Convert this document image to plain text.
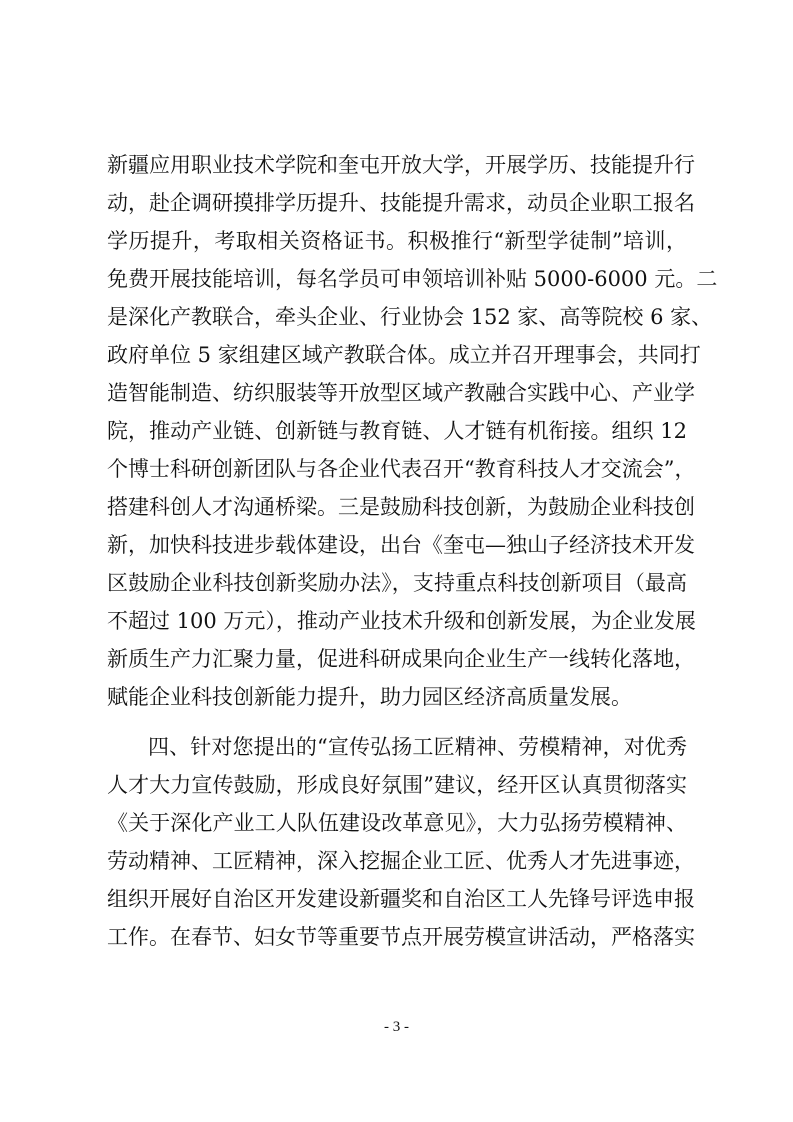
新疆应用职业技术学院和奎屯开放大学，开展学历、技能提升行
动，赴企调研摸排学历提升、技能提升需求，动员企业职工报名
学历提升，考取相关资格证书。积极推行“新型学徒制”培训，
免费开展技能培训，每名学员可申领培训补贴 5000-6000 元。二
是深化产教联合，牵头企业、行业协会 152 家、高等院校 6 家、
政府单位 5 家组建区域产教联合体。成立并召开理事会，共同打
造智能制造、纺织服装等开放型区域产教融合实践中心、产业学
院，推动产业链、创新链与教育链、人才链有机衔接。组织 12
个博士科研创新团队与各企业代表召开“教育科技人才交流会”，
搭建科创人才沟通桥梁。三是鼓励科技创新，为鼓励企业科技创
新，加快科技进步载体建设，出台《奎屯—独山子经济技术开发
区鼓励企业科技创新奖励办法》，支持重点科技创新项目（最高
不超过 100 万元），推动产业技术升级和创新发展，为企业发展
新质生产力汇聚力量，促进科研成果向企业生产一线转化落地，
赋能企业科技创新能力提升，助力园区经济高质量发展。
四、针对您提出的“宣传弘扬工匠精神、劳模精神，对优秀
人才大力宣传鼓励，形成良好氛围”建议，经开区认真贯彻落实
《关于深化产业工人队伍建设改革意见》，大力弘扬劳模精神、
劳动精神、工匠精神，深入挖掘企业工匠、优秀人才先进事迹，
组织开展好自治区开发建设新疆奖和自治区工人先锋号评选申报
工作。在春节、妇女节等重要节点开展劳模宣讲活动，严格落实
- 3 -
